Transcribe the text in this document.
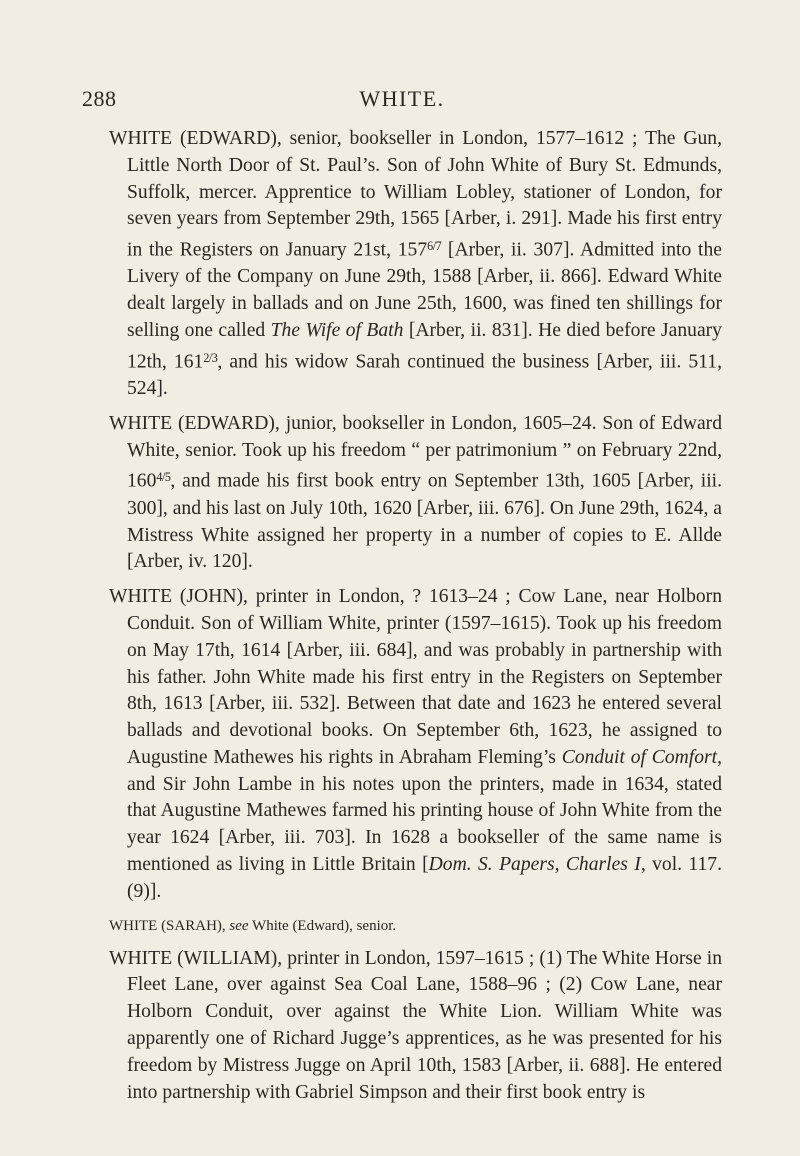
288	WHITE.

WHITE (EDWARD), senior, bookseller in London, 1577–1612 ; The Gun, Little North Door of St. Paul’s. Son of John White of Bury St. Edmunds, Suffolk, mercer. Apprentice to William Lobley, stationer of London, for seven years from September 29th, 1565 [Arber, i. 291]. Made his first entry in the Registers on January 21st, $157^{6/7}$ [Arber, ii. 307]. Admitted into the Livery of the Company on June 29th, 1588 [Arber, ii. 866]. Edward White dealt largely in ballads and on June 25th, 1600, was fined ten shillings for selling one called The Wife of Bath [Arber, ii. 831]. He died before January 12th, $161^{2/3}$, and his widow Sarah continued the business [Arber, iii. 511, 524].

WHITE (EDWARD), junior, bookseller in London, 1605–24. Son of Edward White, senior. Took up his freedom “ per patrimonium ” on February 22nd, $160^{4/5}$, and made his first book entry on September 13th, 1605 [Arber, iii. 300], and his last on July 10th, 1620 [Arber, iii. 676]. On June 29th, 1624, a Mistress White assigned her property in a number of copies to E. Allde [Arber, iv. 120].

WHITE (JOHN), printer in London, ? 1613–24 ; Cow Lane, near Holborn Conduit. Son of William White, printer (1597–1615). Took up his freedom on May 17th, 1614 [Arber, iii. 684], and was probably in partnership with his father. John White made his first entry in the Registers on September 8th, 1613 [Arber, iii. 532]. Between that date and 1623 he entered several ballads and devotional books. On September 6th, 1623, he assigned to Augustine Mathewes his rights in Abraham Fleming’s Conduit of Comfort, and Sir John Lambe in his notes upon the printers, made in 1634, stated that Augustine Mathewes farmed his printing house of John White from the year 1624 [Arber, iii. 703]. In 1628 a bookseller of the same name is mentioned as living in Little Britain [Dom. S. Papers, Charles I, vol. 117. (9)].

WHITE (SARAH), see White (Edward), senior.

WHITE (WILLIAM), printer in London, 1597–1615 ; (1) The White Horse in Fleet Lane, over against Sea Coal Lane, 1588–96 ; (2) Cow Lane, near Holborn Conduit, over against the White Lion. William White was apparently one of Richard Jugge’s apprentices, as he was presented for his freedom by Mistress Jugge on April 10th, 1583 [Arber, ii. 688]. He entered into partnership with Gabriel Simpson and their first book entry is
